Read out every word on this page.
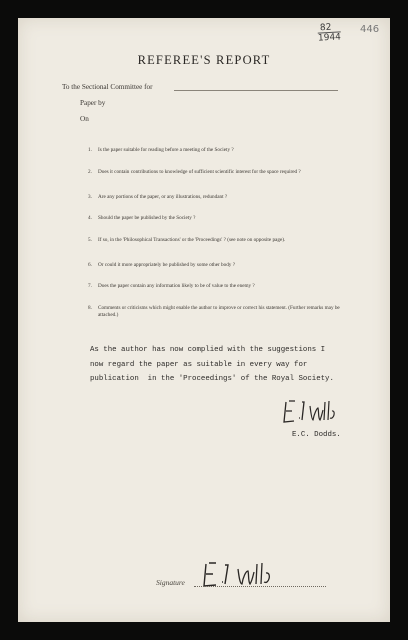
82
1944
446
REFEREE'S REPORT
To the Sectional Committee for
Paper by
On
1. Is the paper suitable for reading before a meeting of the Society ?
2. Does it contain contributions to knowledge of sufficient scientific interest for the space required ?
3. Are any portions of the paper, or any illustrations, redundant ?
4. Should the paper be published by the Society ?
5. If so, in the 'Philosophical Transactions' or the 'Proceedings' ? (see note on opposite page).
6. Or could it more appropriately be published by some other body ?
7. Does the paper contain any information likely to be of value to the enemy ?
8. Comments or criticisms which might enable the author to improve or correct his statement. (Further remarks may be attached.)
As the author has now complied with the suggestions I
now regard the paper as suitable in every way for
publication  in the 'Proceedings' of the Royal Society.
E.C. Dodds.
Signature
